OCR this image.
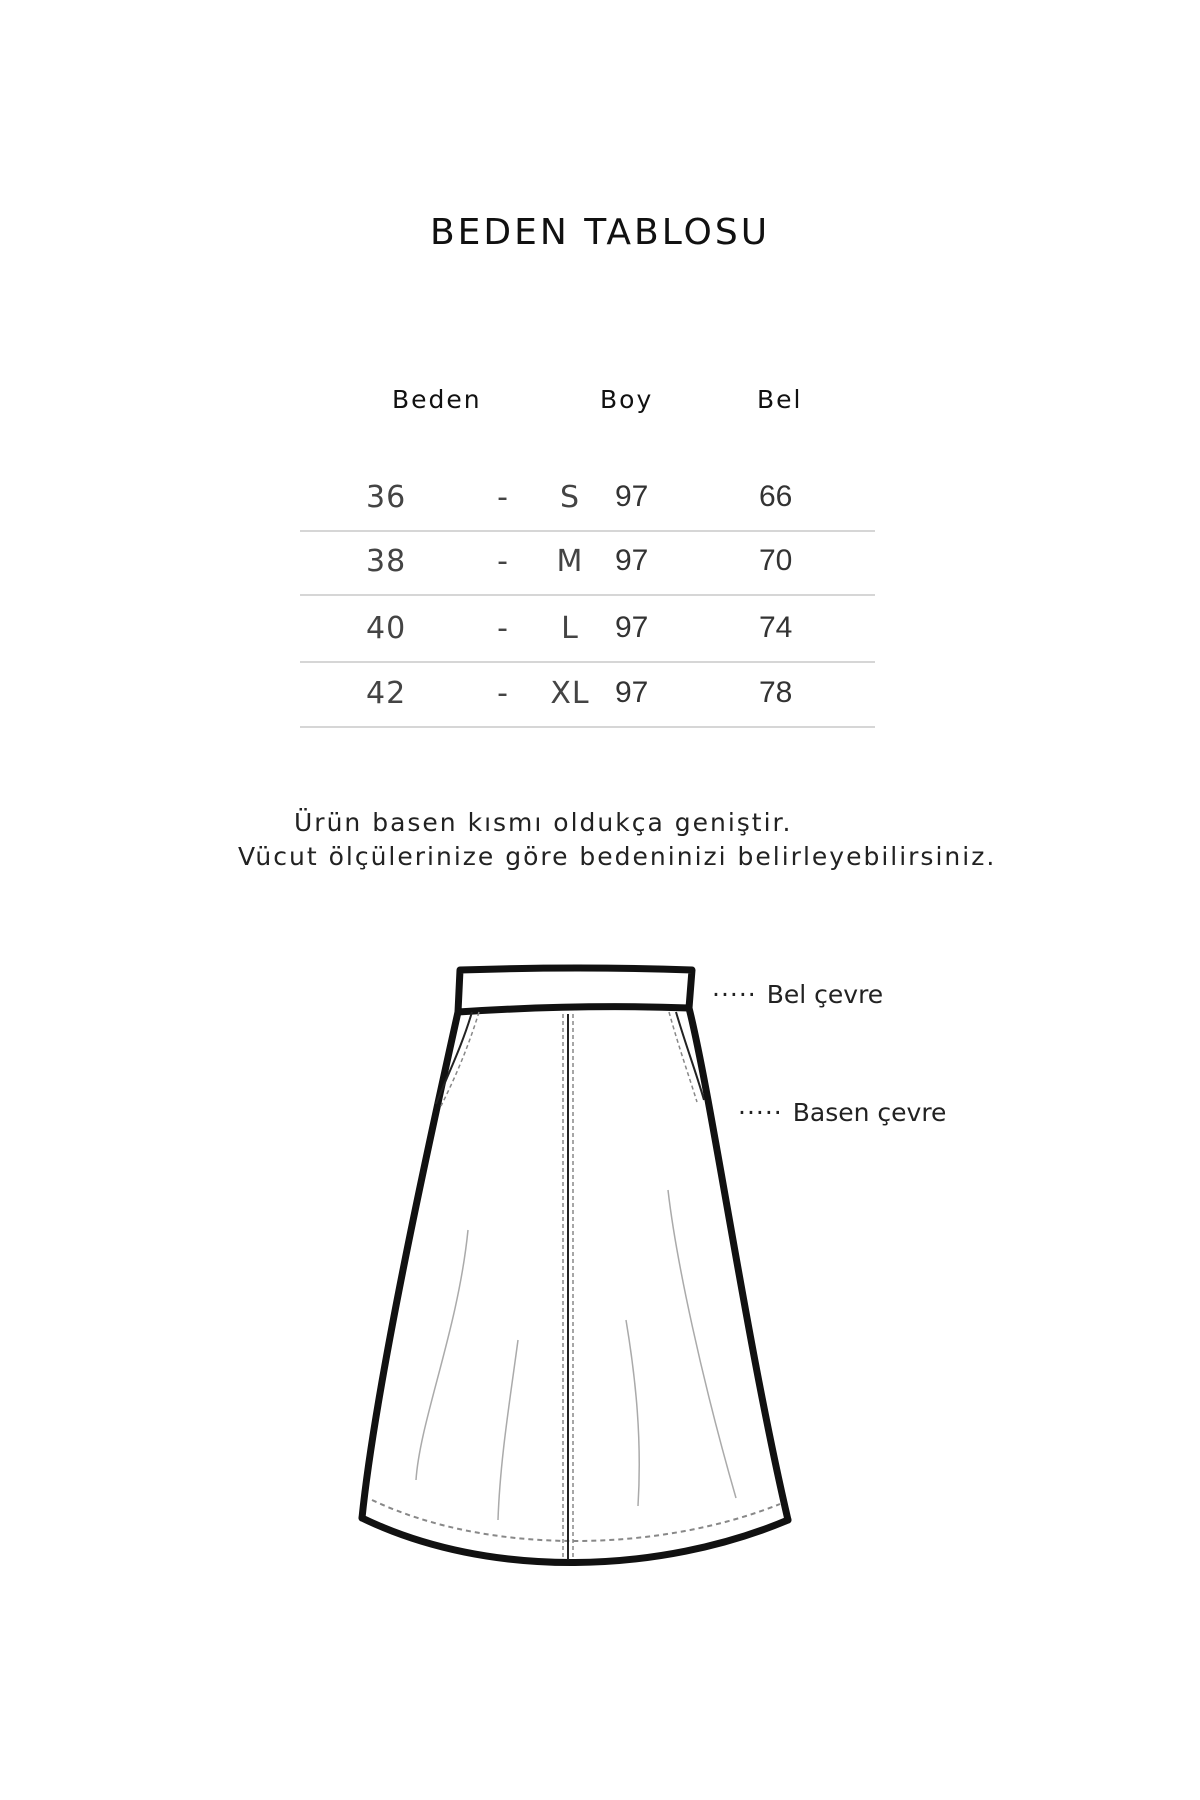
BEDEN TABLOSU
Beden	Boy	Bel
36	-	S	97	66
38	-	M	97	70
40	-	L	97	74
42	-	XL 97	78
Ürün basen kısmı oldukça geniştir.
Vücut ölçülerinize göre bedeninizi belirleyebilirsiniz.
····· Bel çevre
····· Basen çevre
